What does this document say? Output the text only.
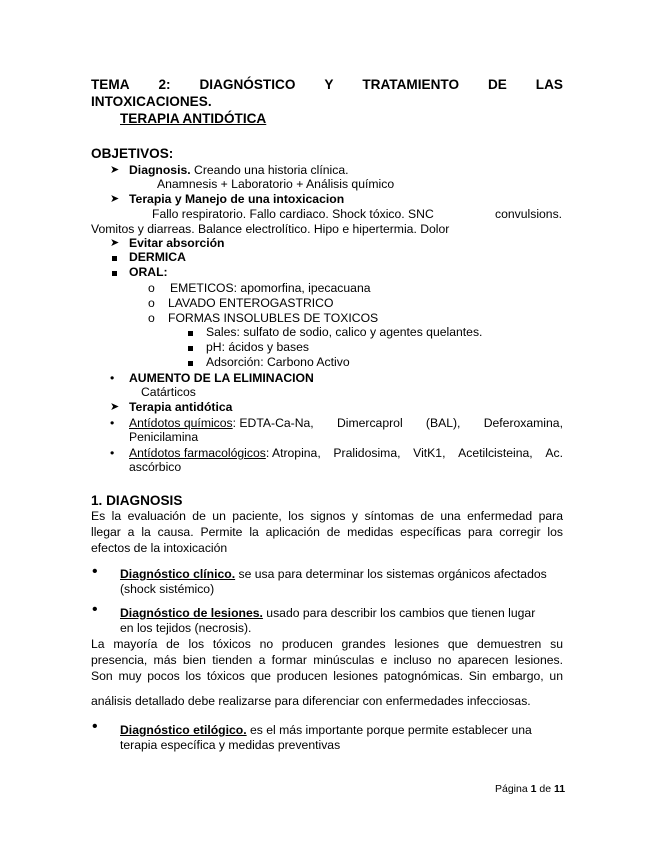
TEMA 2: DIAGNÓSTICO Y TRATAMIENTO DE LAS
INTOXICACIONES.
TERAPIA ANTIDÓTICA
OBJETIVOS:
➤ Diagnosis. Creando una historia clínica.
Anamnesis + Laboratorio + Análisis químico
➤ Terapia y Manejo de una intoxicacion
Fallo respiratorio. Fallo cardiaco. Shock tóxico. SNC	convulsions.
Vomitos y diarreas. Balance electrolítico. Hipo e hipertermia. Dolor
➤ Evitar absorción
DERMICA
ORAL:
o EMETICOS: apomorfina, ipecacuana
o LAVADO ENTEROGASTRICO
o FORMAS INSOLUBLES DE TOXICOS
Sales: sulfato de sodio, calico y agentes quelantes.
pH: ácidos y bases
Adsorción: Carbono Activo
• AUMENTO DE LA ELIMINACION
Catárticos
➤ Terapia antidótica
• Antídotos químicos: EDTA-Ca-Na, Dimercaprol (BAL), Deferoxamina,
Penicilamina
• Antídotos farmacológicos: Atropina, Pralidosima, VitK1, Acetilcisteina, Ac.
ascórbico
1. DIAGNOSIS
Es la evaluación de un paciente, los signos y síntomas de una enfermedad para
llegar a la causa. Permite la aplicación de medidas específicas para corregir los
efectos de la intoxicación
• Diagnóstico clínico. se usa para determinar los sistemas orgánicos afectados
(shock sistémico)
• Diagnóstico de lesiones. usado para describir los cambios que tienen lugar
en los tejidos (necrosis).
La mayoría de los tóxicos no producen grandes lesiones que demuestren su
presencia, más bien tienden a formar minúsculas e incluso no aparecen lesiones.
Son muy pocos los tóxicos que producen lesiones patognómicas. Sin embargo, un
análisis detallado debe realizarse para diferenciar con enfermedades infecciosas.
• Diagnóstico etilógico. es el más importante porque permite establecer una
terapia específica y medidas preventivas
Página 1 de 11
